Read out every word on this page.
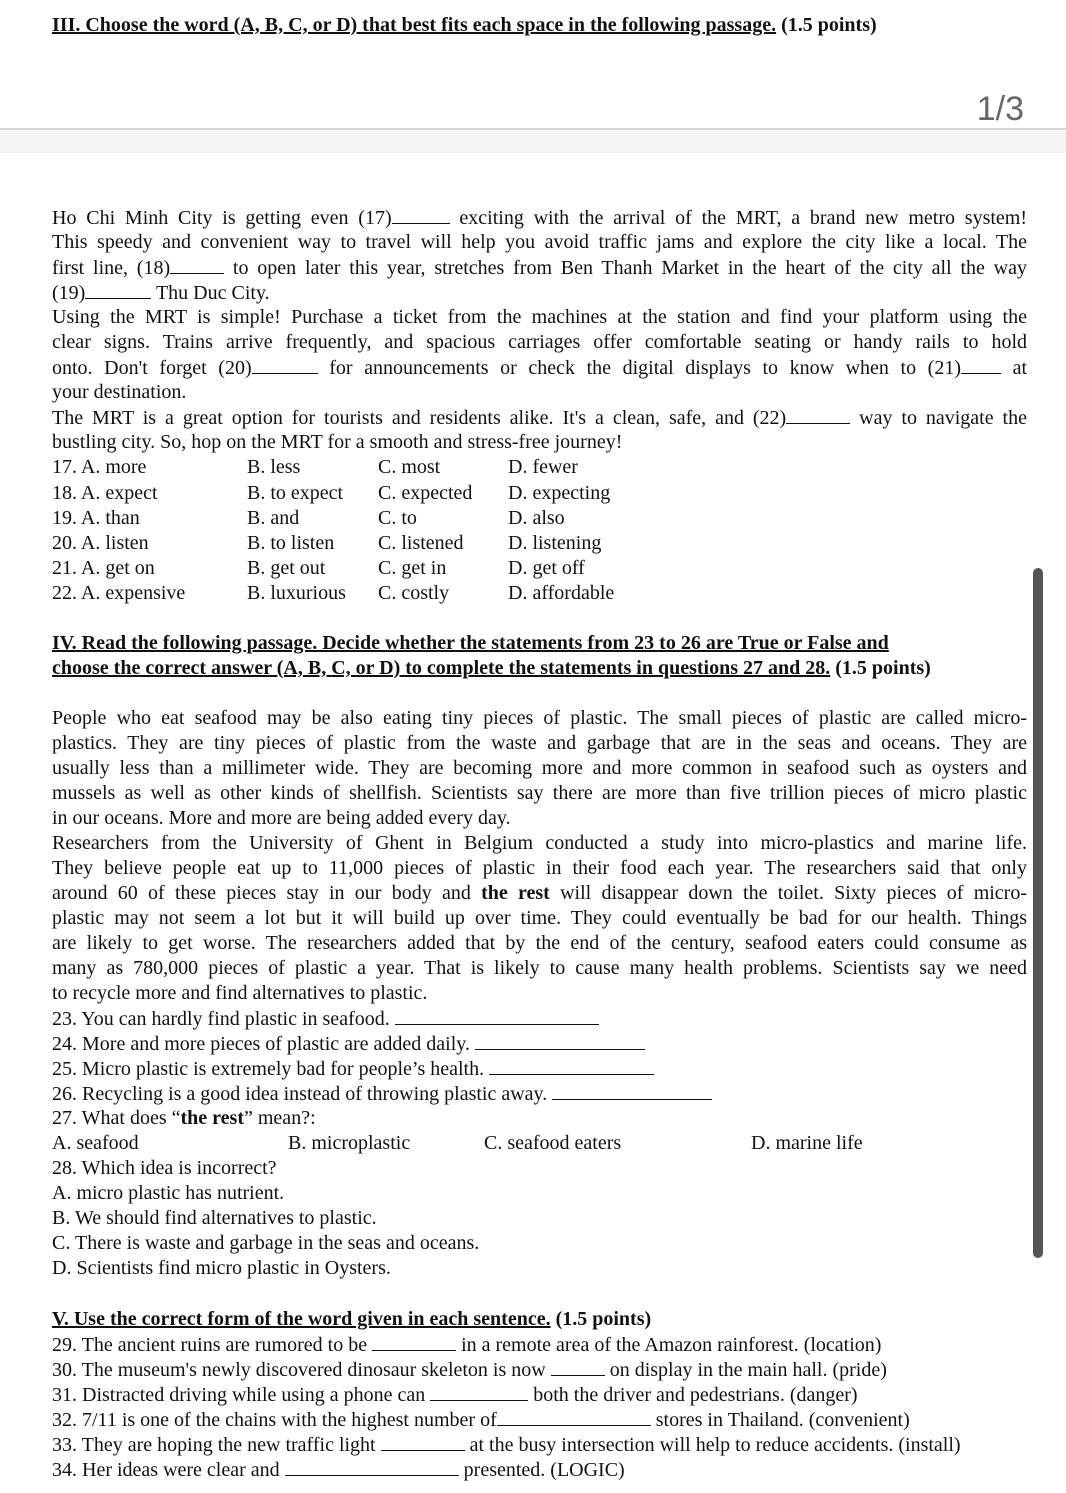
III. Choose the word (A, B, C, or D) that best fits each space in the following passage. (1.5 points)
1/3
Ho Chi Minh City is getting even (17)	exciting with the arrival of the MRT, a brand new metro system!
This speedy and convenient way to travel will help you avoid traffic jams and explore the city like a local. The
first line, (18)	to open later this year, stretches from Ben Thanh Market in the heart of the city all the way
(19)	Thu Duc City.
Using the MRT is simple! Purchase a ticket from the machines at the station and find your platform using the
clear signs. Trains arrive frequently, and spacious carriages offer comfortable seating or handy rails to hold
onto. Don't forget (20)	for announcements or check the digital displays to know when to (21) at
your destination.
The MRT is a great option for tourists and residents alike. It's a clean, safe, and (22)	way to navigate the
bustling city. So, hop on the MRT for a smooth and stress-free journey!
17. A. more	B. less	C. most	D. fewer
18. A. expect	B. to expect C. expected D. expecting
19. A. than	B. and	C. to	D. also
20. A. listen	B. to listen C. listened D. listening
21. A. get on	B. get out	C. get in	D. get off
22. A. expensive	B. luxurious C. costly	D. affordable
IV. Read the following passage. Decide whether the statements from 23 to 26 are True or False and
choose the correct answer (A, B, C, or D) to complete the statements in questions 27 and 28. (1.5 points)
People who eat seafood may be also eating tiny pieces of plastic. The small pieces of plastic are called micro-
plastics. They are tiny pieces of plastic from the waste and garbage that are in the seas and oceans. They are
usually less than a millimeter wide. They are becoming more and more common in seafood such as oysters and
mussels as well as other kinds of shellfish. Scientists say there are more than five trillion pieces of micro plastic
in our oceans. More and more are being added every day.
Researchers from the University of Ghent in Belgium conducted a study into micro-plastics and marine life.
They believe people eat up to 11,000 pieces of plastic in their food each year. The researchers said that only
around 60 of these pieces stay in our body and the rest will disappear down the toilet. Sixty pieces of micro-
plastic may not seem a lot but it will build up over time. They could eventually be bad for our health. Things
are likely to get worse. The researchers added that by the end of the century, seafood eaters could consume as
many as 780,000 pieces of plastic a year. That is likely to cause many health problems. Scientists say we need
to recycle more and find alternatives to plastic.
23. You can hardly find plastic in seafood.
24. More and more pieces of plastic are added daily.
25. Micro plastic is extremely bad for people’s health.
26. Recycling is a good idea instead of throwing plastic away.
27. What does “the rest” mean?:
A. seafood	B. microplastic	C. seafood eaters	D. marine life
28. Which idea is incorrect?
A. micro plastic has nutrient.
B. We should find alternatives to plastic.
C. There is waste and garbage in the seas and oceans.
D. Scientists find micro plastic in Oysters.
V. Use the correct form of the word given in each sentence. (1.5 points)
29. The ancient ruins are rumored to be	in a remote area of the Amazon rainforest. (location)
30. The museum's newly discovered dinosaur skeleton is now	on display in the main hall. (pride)
31. Distracted driving while using a phone can	both the driver and pedestrians. (danger)
32. 7/11 is one of the chains with the highest number of	stores in Thailand. (convenient)
33. They are hoping the new traffic light	at the busy intersection will help to reduce accidents. (install)
34. Her ideas were clear and	presented. (LOGIC)
